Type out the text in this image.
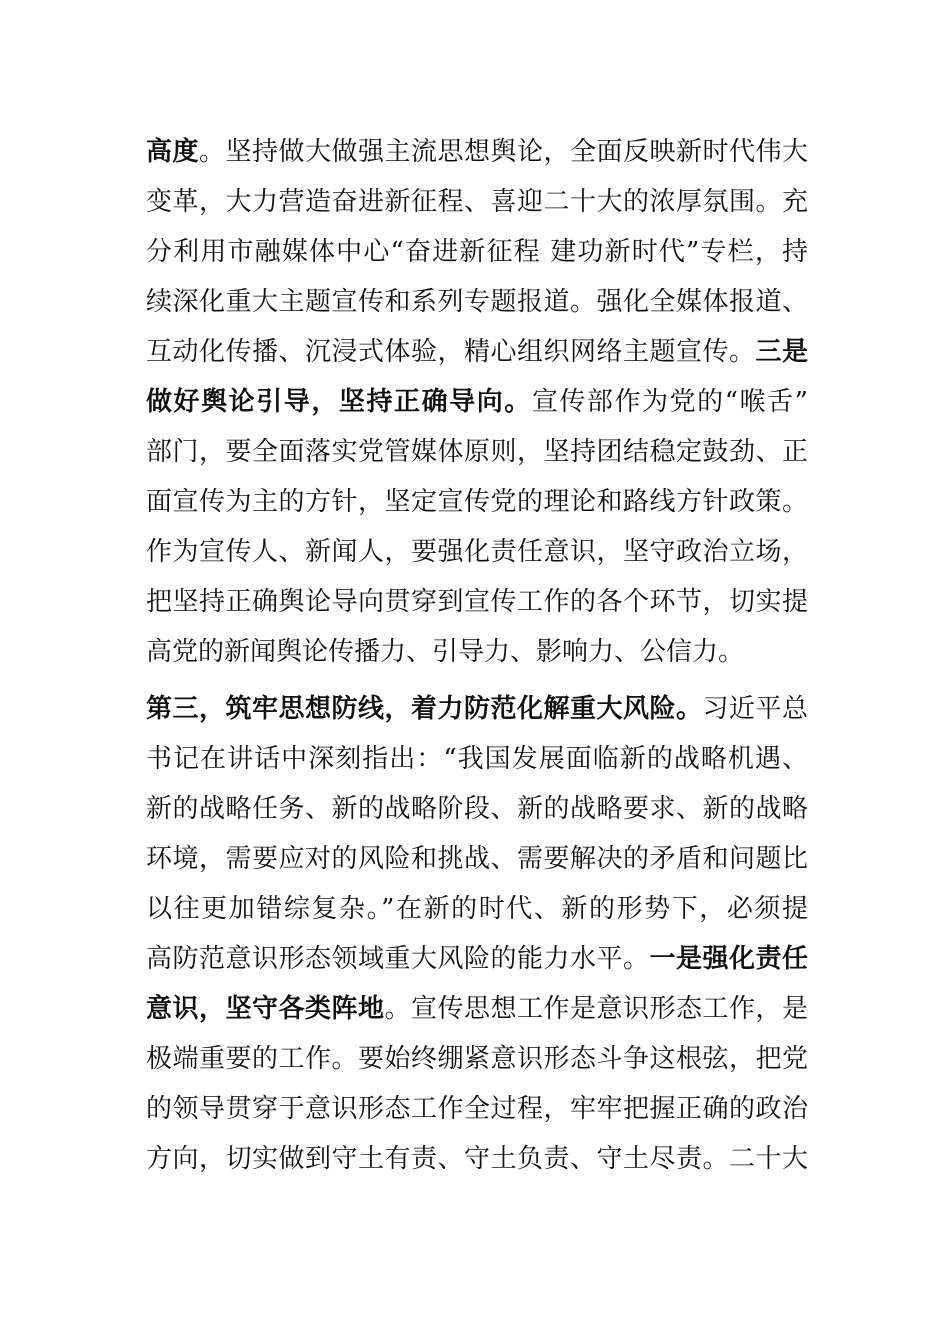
高度。坚持做大做强主流思想舆论，全面反映新时代伟大
变革，大力营造奋进新征程、喜迎二十大的浓厚氛围。充
分利用市融媒体中心“奋进新征程 建功新时代”专栏，持
续深化重大主题宣传和系列专题报道。强化全媒体报道、
互动化传播、沉浸式体验，精心组织网络主题宣传。三是
做好舆论引导，坚持正确导向。宣传部作为党的“喉舌”
部门，要全面落实党管媒体原则，坚持团结稳定鼓劲、正
面宣传为主的方针，坚定宣传党的理论和路线方针政策。
作为宣传人、新闻人，要强化责任意识，坚守政治立场，
把坚持正确舆论导向贯穿到宣传工作的各个环节，切实提
高党的新闻舆论传播力、引导力、影响力、公信力。
第三，筑牢思想防线，着力防范化解重大风险。习近平总
书记在讲话中深刻指出：“我国发展面临新的战略机遇、
新的战略任务、新的战略阶段、新的战略要求、新的战略
环境，需要应对的风险和挑战、需要解决的矛盾和问题比
以往更加错综复杂。”在新的时代、新的形势下，必须提
高防范意识形态领域重大风险的能力水平。一是强化责任
意识，坚守各类阵地。宣传思想工作是意识形态工作，是
极端重要的工作。要始终绷紧意识形态斗争这根弦，把党
的领导贯穿于意识形态工作全过程，牢牢把握正确的政治
方向，切实做到守土有责、守土负责、守土尽责。二十大
